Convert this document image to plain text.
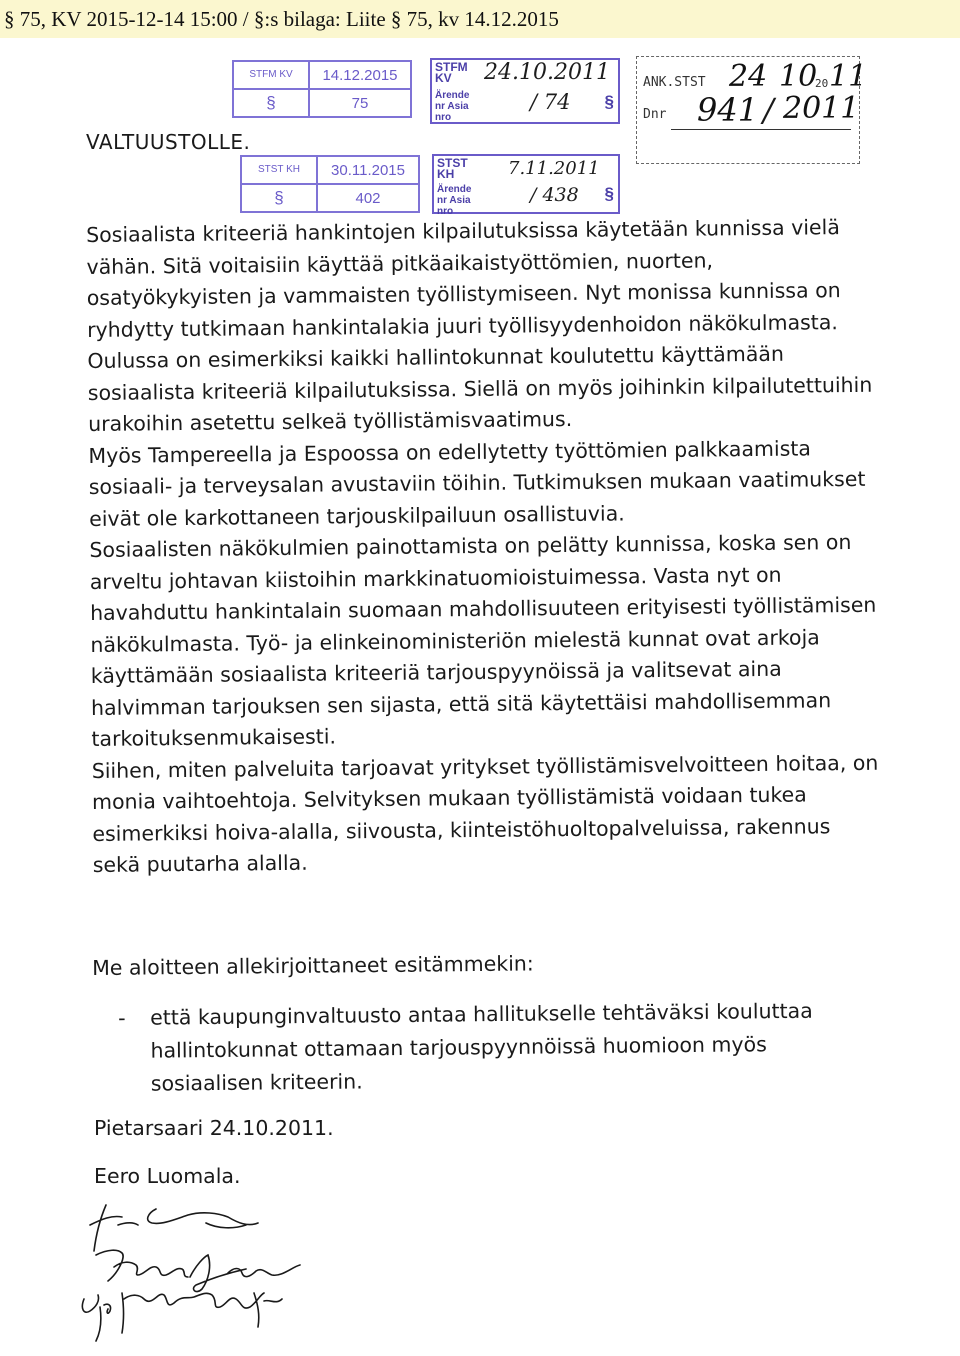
§ 75, KV 2015-12-14 15:00 / §:s bilaga: Liite § 75, kv 14.12.2015
STFM KV	14.12.2015
§	75
STST KH	30.11.2015
§	402
STFM KV	24.10.2011
Ärende nr Asia nro
/ 74 §
STST KH	7.11.2011
Ärende nr Asia nro
/ 438 §
ANK.STST 24 10
20 11
Dnr 941 / 2011
VALTUUSTOLLE.

Sosiaalista kriteeriä hankintojen kilpailutuksissa käytetään kunnissa vielä vähän. Sitä voitaisiin käyttää pitkäaikaistyöttömien, nuorten, osatyökykyisten ja vammaisten työllistymiseen. Nyt monissa kunnissa on ryhdytty tutkimaan hankintalakia juuri työllisyydenhoidon näkökulmasta. Oulussa on esimerkiksi kaikki hallintokunnat koulutettu käyttämään sosiaalista kriteeriä kilpailutuksissa. Siellä on myös joihinkin kilpailutettuihin urakoihin asetettu selkeä työllistämisvaatimus.

Myös Tampereella ja Espoossa on edellytetty työttömien palkkaamista sosiaali- ja terveysalan avustaviin töihin. Tutkimuksen mukaan vaatimukset eivät ole karkottaneen tarjouskilpailuun osallistuvia.

Sosiaalisten näkökulmien painottamista on pelätty kunnissa, koska sen on arveltu johtavan kiistoihin markkinatuomioistuimessa. Vasta nyt on havahduttu hankintalain suomaan mahdollisuuteen erityisesti työllistämisen näkökulmasta. Työ- ja elinkeinoministeriön mielestä kunnat ovat arkoja käyttämään sosiaalista kriteeriä tarjouspyynöissä ja valitsevat aina halvimman tarjouksen sen sijasta, että sitä käytettäisi mahdollisemman tarkoituksenmukaisesti.

Siihen, miten palveluita tarjoavat yritykset työllistämisvelvoitteen hoitaa, on monia vaihtoehtoja. Selvityksen mukaan työllistämistä voidaan tukea esimerkiksi hoiva-alalla, siivousta, kiinteistöhuoltopalveluissa, rakennus sekä puutarha alalla.

Me aloitteen allekirjoittaneet esitämmekin:
- että kaupunginvaltuusto antaa hallitukselle tehtäväksi kouluttaa hallintokunnat ottamaan tarjouspyynnöissä huomioon myös sosiaalisen kriteerin.
Pietarsaari 24.10.2011.
Eero Luomala.
